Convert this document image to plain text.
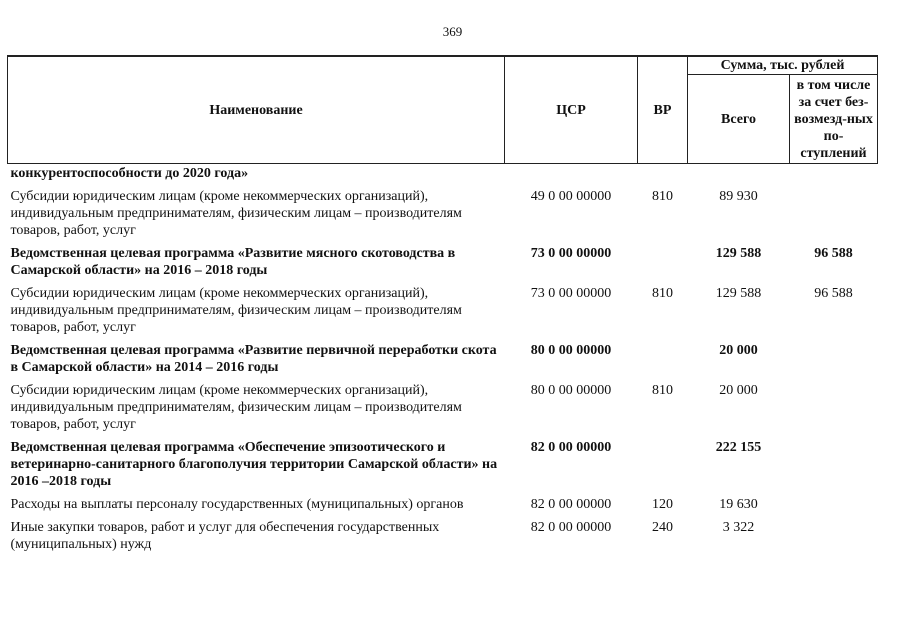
369
Наименование	ЦСР	ВР	Сумма, тыс. рублей	
			Всего	в том числе за счет без-возмезд-ных по-ступлений
конкурентоспособности до 2020 года»				
Субсидии юридическим лицам (кроме некоммерческих организаций), индивидуальным предпринимателям, физическим лицам – производителям товаров, работ, услуг	49 0 00 00000	810	89 930	
Ведомственная целевая программа «Развитие мясного скотоводства в Самарской области» на 2016 – 2018 годы	73 0 00 00000		129 588	96 588
Субсидии юридическим лицам (кроме некоммерческих организаций), индивидуальным предпринимателям, физическим лицам – производителям товаров, работ, услуг	73 0 00 00000	810	129 588	96 588
Ведомственная целевая программа «Развитие первичной переработки скота в Самарской области» на 2014 – 2016 годы	80 0 00 00000		20 000	
Субсидии юридическим лицам (кроме некоммерческих организаций), индивидуальным предпринимателям, физическим лицам – производителям товаров, работ, услуг	80 0 00 00000	810	20 000	
Ведомственная целевая программа «Обеспечение эпизоотического и ветеринарно-санитарного благополучия территории Самарской области» на 2016 –2018 годы	82 0 00 00000		222 155	
Расходы на выплаты персоналу государственных (муниципальных) органов	82 0 00 00000	120	19 630	
Иные закупки товаров, работ и услуг для обеспечения государственных (муниципальных) нужд	82 0 00 00000	240	3 322	
